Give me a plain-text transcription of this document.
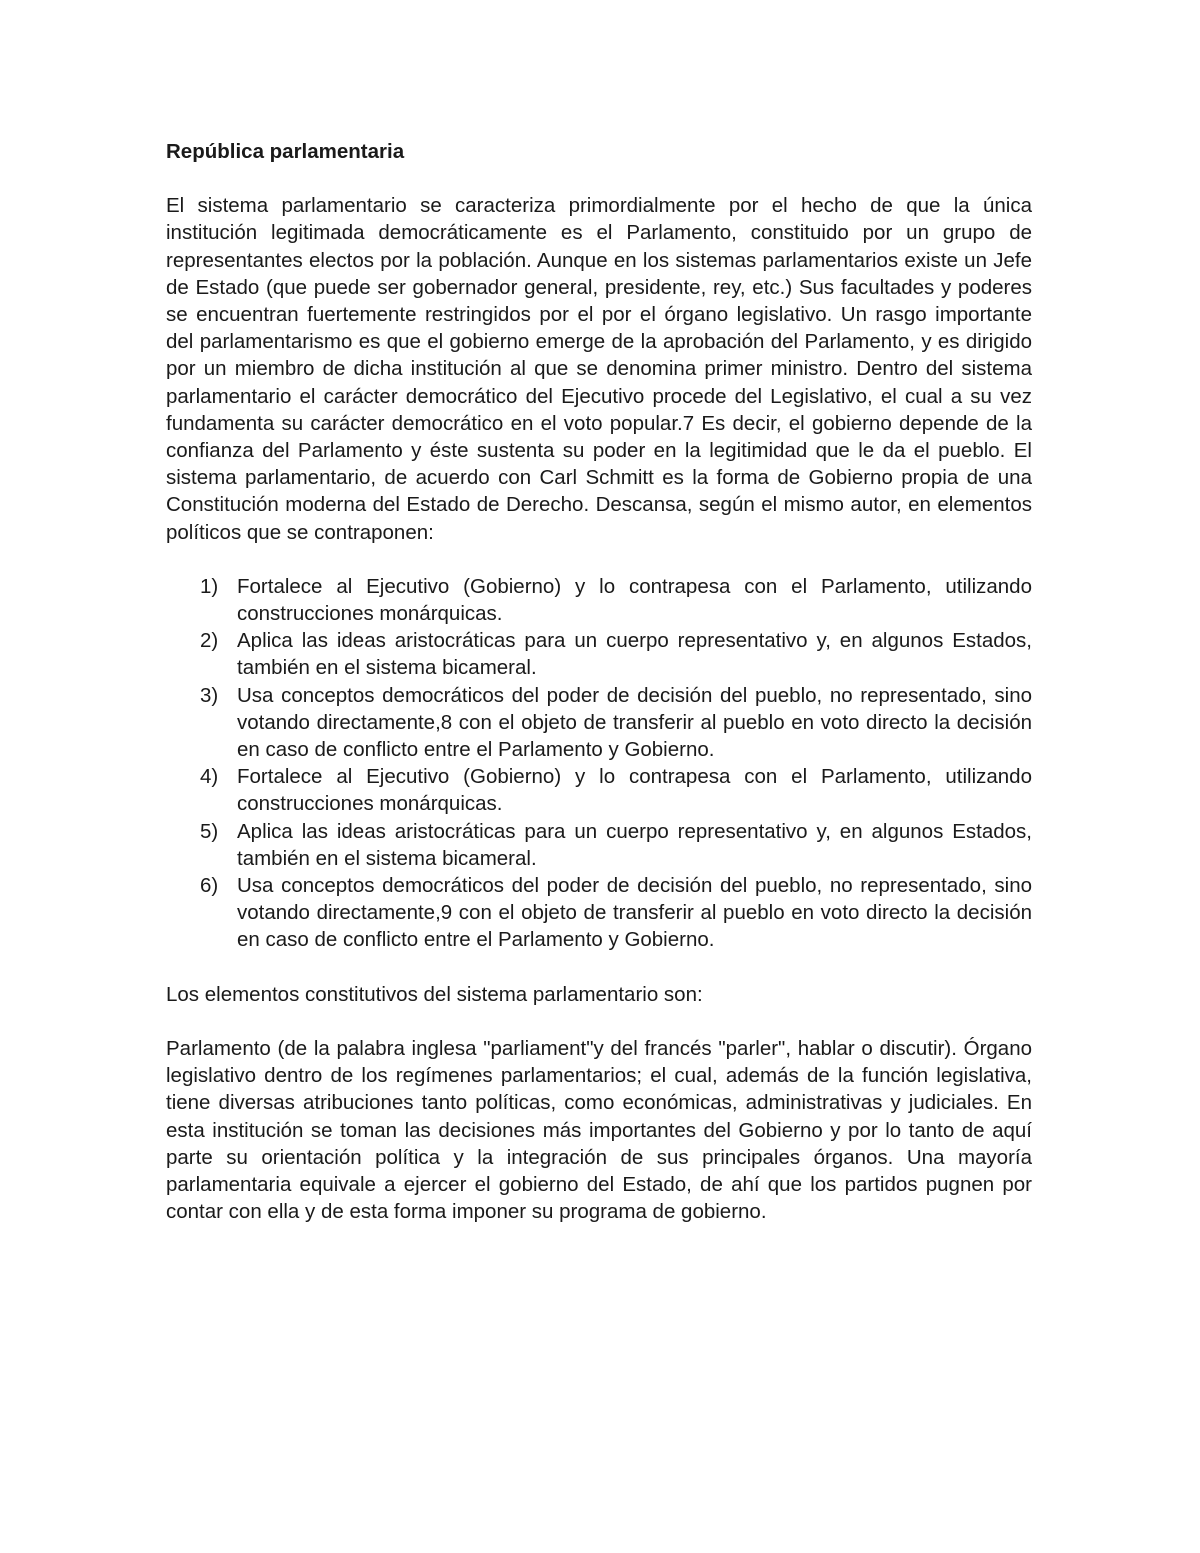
República parlamentaria

El sistema parlamentario se caracteriza primordialmente por el hecho de que la única institución legitimada democráticamente es el Parlamento, constituido por un grupo de representantes electos por la población. Aunque en los sistemas parlamentarios existe un Jefe de Estado (que puede ser gobernador general, presidente, rey, etc.) Sus facultades y poderes se encuentran fuertemente restringidos por el por el órgano legislativo. Un rasgo importante del parlamentarismo es que el gobierno emerge de la aprobación del Parlamento, y es dirigido por un miembro de dicha institución al que se denomina primer ministro. Dentro del sistema parlamentario el carácter democrático del Ejecutivo procede del Legislativo, el cual a su vez fundamenta su carácter democrático en el voto popular.7 Es decir, el gobierno depende de la confianza del Parlamento y éste sustenta su poder en la legitimidad que le da el pueblo. El sistema parlamentario, de acuerdo con Carl Schmitt es la forma de Gobierno propia de una Constitución moderna del Estado de Derecho. Descansa, según el mismo autor, en elementos políticos que se contraponen:

1) Fortalece al Ejecutivo (Gobierno) y lo contrapesa con el Parlamento, utilizando construcciones monárquicas.
2) Aplica las ideas aristocráticas para un cuerpo representativo y, en algunos Estados, también en el sistema bicameral.
3) Usa conceptos democráticos del poder de decisión del pueblo, no representado, sino votando directamente,8 con el objeto de transferir al pueblo en voto directo la decisión en caso de conflicto entre el Parlamento y Gobierno.
4) Fortalece al Ejecutivo (Gobierno) y lo contrapesa con el Parlamento, utilizando construcciones monárquicas.
5) Aplica las ideas aristocráticas para un cuerpo representativo y, en algunos Estados, también en el sistema bicameral.
6) Usa conceptos democráticos del poder de decisión del pueblo, no representado, sino votando directamente,9 con el objeto de transferir al pueblo en voto directo la decisión en caso de conflicto entre el Parlamento y Gobierno.

Los elementos constitutivos del sistema parlamentario son:

Parlamento (de la palabra inglesa "parliament"y del francés "parler", hablar o discutir). Órgano legislativo dentro de los regímenes parlamentarios; el cual, además de la función legislativa, tiene diversas atribuciones tanto políticas, como económicas, administrativas y judiciales. En esta institución se toman las decisiones más importantes del Gobierno y por lo tanto de aquí parte su orientación política y la integración de sus principales órganos. Una mayoría parlamentaria equivale a ejercer el gobierno del Estado, de ahí que los partidos pugnen por contar con ella y de esta forma imponer su programa de gobierno.
